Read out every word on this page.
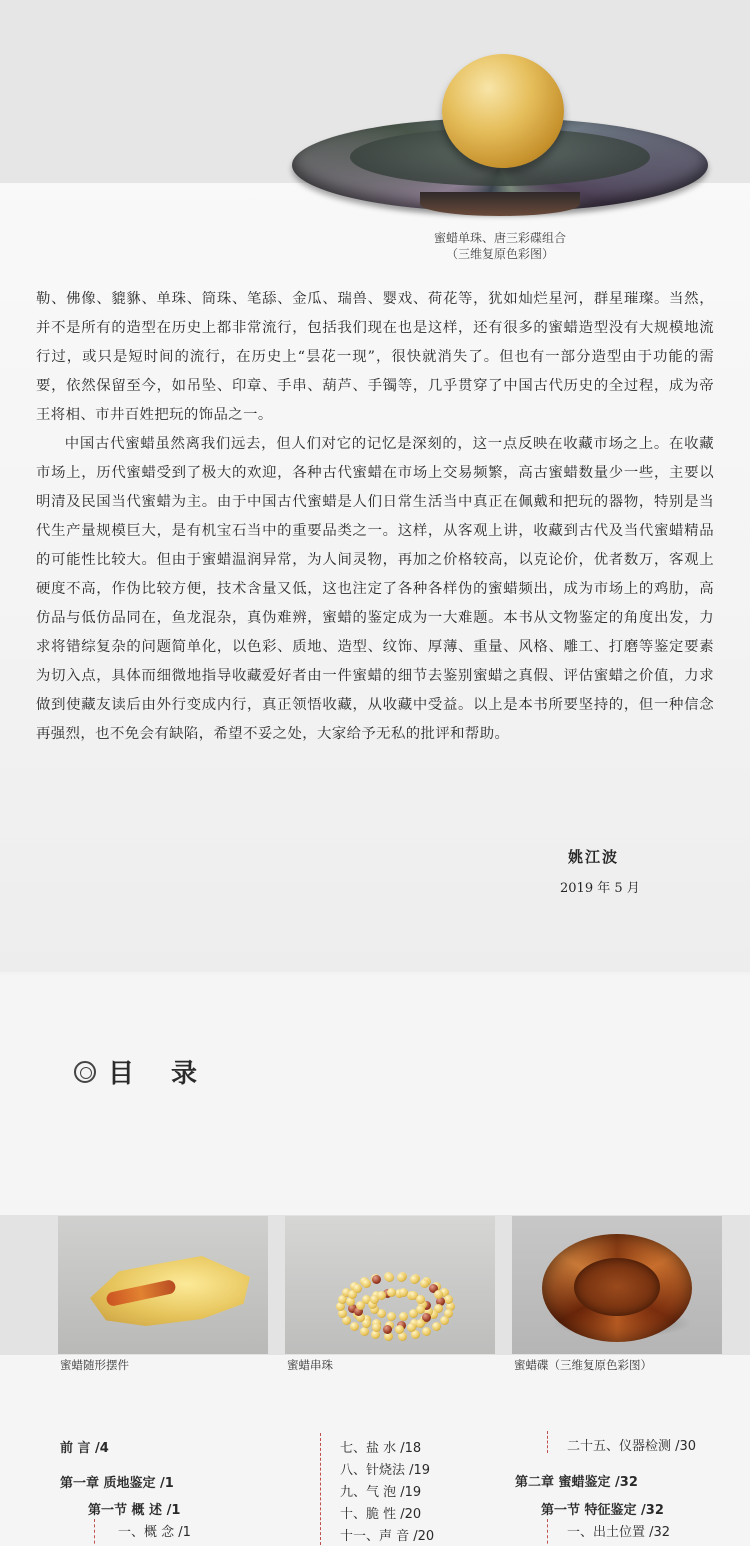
蜜蜡单珠、唐三彩碟组合
（三维复原色彩图）

勒、佛像、貔貅、单珠、筒珠、笔舔、金瓜、瑞兽、婴戏、荷花等，犹如灿烂星河，群星璀璨。当然，并不是所有的造型在历史上都非常流行，包括我们现在也是这样，还有很多的蜜蜡造型没有大规模地流行过，或只是短时间的流行，在历史上“昙花一现”，很快就消失了。但也有一部分造型由于功能的需要，依然保留至今，如吊坠、印章、手串、葫芦、手镯等，几乎贯穿了中国古代历史的全过程，成为帝王将相、市井百姓把玩的饰品之一。

中国古代蜜蜡虽然离我们远去，但人们对它的记忆是深刻的，这一点反映在收藏市场之上。在收藏市场上，历代蜜蜡受到了极大的欢迎，各种古代蜜蜡在市场上交易频繁，高古蜜蜡数量少一些，主要以明清及民国当代蜜蜡为主。由于中国古代蜜蜡是人们日常生活当中真正在佩戴和把玩的器物，特别是当代生产量规模巨大，是有机宝石当中的重要品类之一。这样，从客观上讲，收藏到古代及当代蜜蜡精品的可能性比较大。但由于蜜蜡温润异常，为人间灵物，再加之价格较高，以克论价，优者数万，客观上硬度不高，作伪比较方便，技术含量又低，这也注定了各种各样伪的蜜蜡频出，成为市场上的鸡肋，高仿品与低仿品同在，鱼龙混杂，真伪难辨，蜜蜡的鉴定成为一大难题。本书从文物鉴定的角度出发，力求将错综复杂的问题简单化，以色彩、质地、造型、纹饰、厚薄、重量、风格、雕工、打磨等鉴定要素为切入点，具体而细微地指导收藏爱好者由一件蜜蜡的细节去鉴别蜜蜡之真假、评估蜜蜡之价值，力求做到使藏友读后由外行变成内行，真正领悟收藏，从收藏中受益。以上是本书所要坚持的，但一种信念再强烈，也不免会有缺陷，希望不妥之处，大家给予无私的批评和帮助。

姚江波
2019 年 5 月
目 录
蜜蜡随形摆件	蜜蜡串珠	蜜蜡碟（三维复原色彩图）
前 言 /4
第一章 质地鉴定 /1
第一节 概 述 /1
一、概 念 /1
七、盐 水 /18
八、针烧法 /19
九、气 泡 /19
十、脆 性 /20
十一、声 音 /20
二十五、仪器检测 /30
第二章 蜜蜡鉴定 /32
第一节 特征鉴定 /32
一、出土位置 /32
